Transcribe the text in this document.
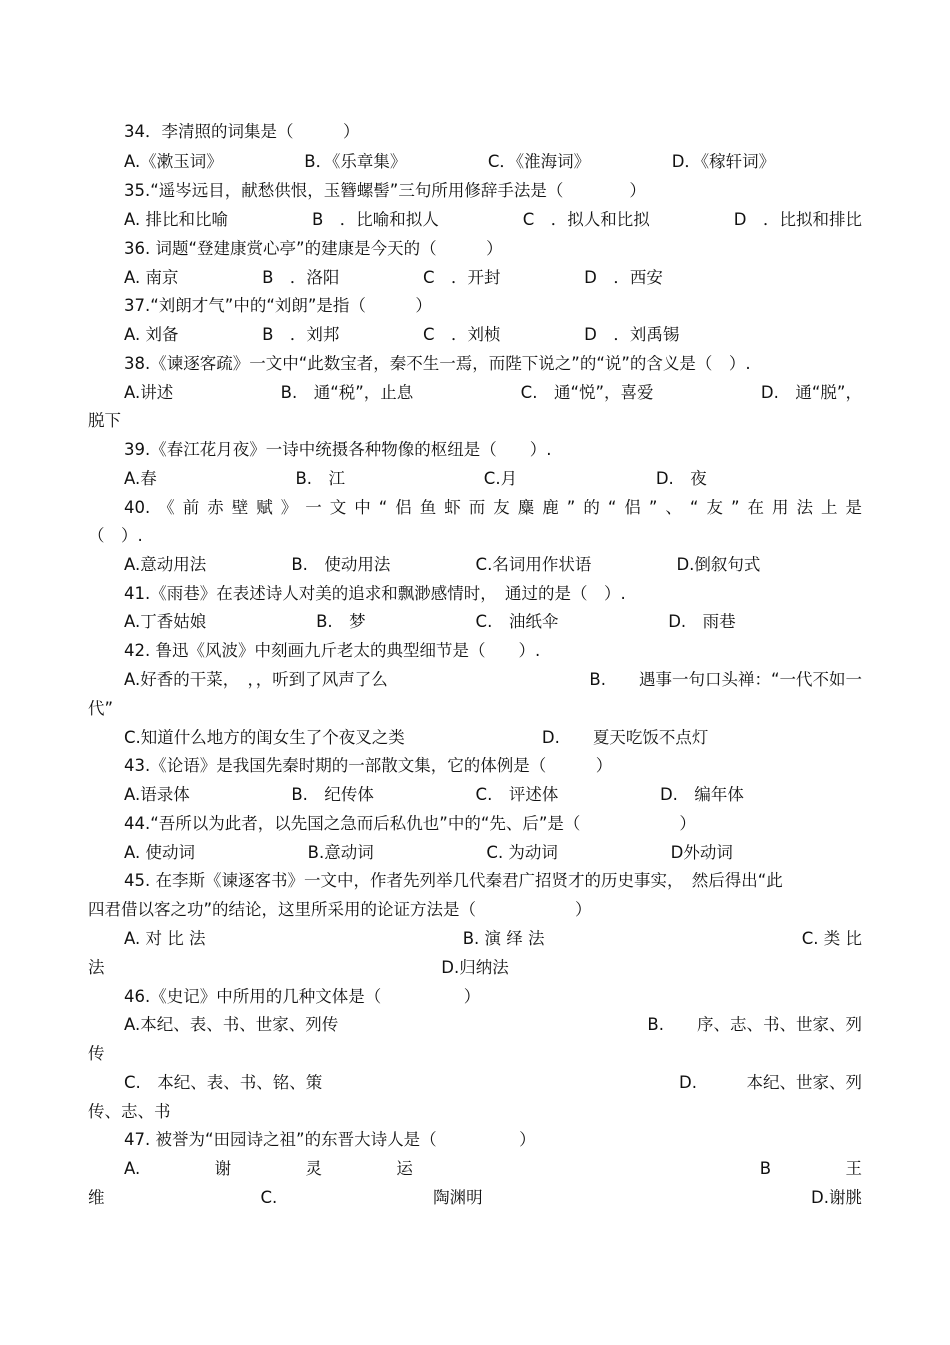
34．李清照的词集是（　　　）
A.《漱玉词》	B．《乐章集》	C．《淮海词》	D．《稼轩词》

35.“遥岑远目，献愁供恨，玉簪螺髻”三句所用修辞手法是（　　　　）
A. 排比和比喻	B　．比喻和拟人	C　．拟人和比拟	D　．比拟和排比
36. 词题“登建康赏心亭”的建康是今天的（　　　）
A. 南京	B　．洛阳	C　．开封	D　．西安

37.“刘朗才气”中的“刘朗”是指（　　　）
A. 刘备	B　．刘邦	C　．刘桢	D　．刘禹锡

38.《谏逐客疏》一文中“此数宝者，秦不生一焉，而陛下说之”的“说”的含义是（　）.
A.讲述	B.　通“税”，止息	C.　通“悦”，喜爱	D.　通“脱”，
脱下
39.《春江花月夜》一诗中统摄各种物像的枢纽是（　　）.
A.春	B.　江	C.月	D.　夜

40.《前赤壁赋》一文中“侣鱼虾而友麋鹿”的“侣”、“友”在用法上是
（　）.
A.意动用法	B.　使动用法	C.名词用作状语	D.倒叙句式

41.《雨巷》在表述诗人对美的追求和飘渺感情时，　通过的是（　）.
A.丁香姑娘	B.　梦	C.　油纸伞	D.　雨巷

42. 鲁迅《风波》中刻画九斤老太的典型细节是（　　）.
A.好香的干菜，　，，听到了风声了么	B.　　遇事一句口头禅：“一代不如一
代”
C.知道什么地方的闺女生了个夜叉之类	D.　　夏天吃饭不点灯

43.《论语》是我国先秦时期的一部散文集，它的体例是（　　　）
A.语录体	B.　纪传体	C.　评述体	D.　编年体

44.“吾所以为此者，以先国之急而后私仇也”中的“先、后”是（　　　　　　）
A. 使动词	B.意动词	C. 为动词	D外动词

45. 在李斯《谏逐客书》一文中，作者先列举几代秦君广招贤才的历史事实，　然后得出“此
四君借以客之功”的结论，这里所采用的论证方法是（　　　　　　）
A. 对 比 法	B. 演 绎 法	C. 类 比
法	D.归纳法

46.《史记》中所用的几种文体是（　　　　　）
A.本纪、表、书、世家、列传	B.　　序、志、书、世家、列
传
C.　本纪、表、书、铭、策	D.　　　本纪、世家、列
传、志、书
47. 被誉为“田园诗之祖”的东晋大诗人是（　　　　　）
A.	谢	灵	运

　	B	王
维	C.	陶渊明
　	D.谢朓
